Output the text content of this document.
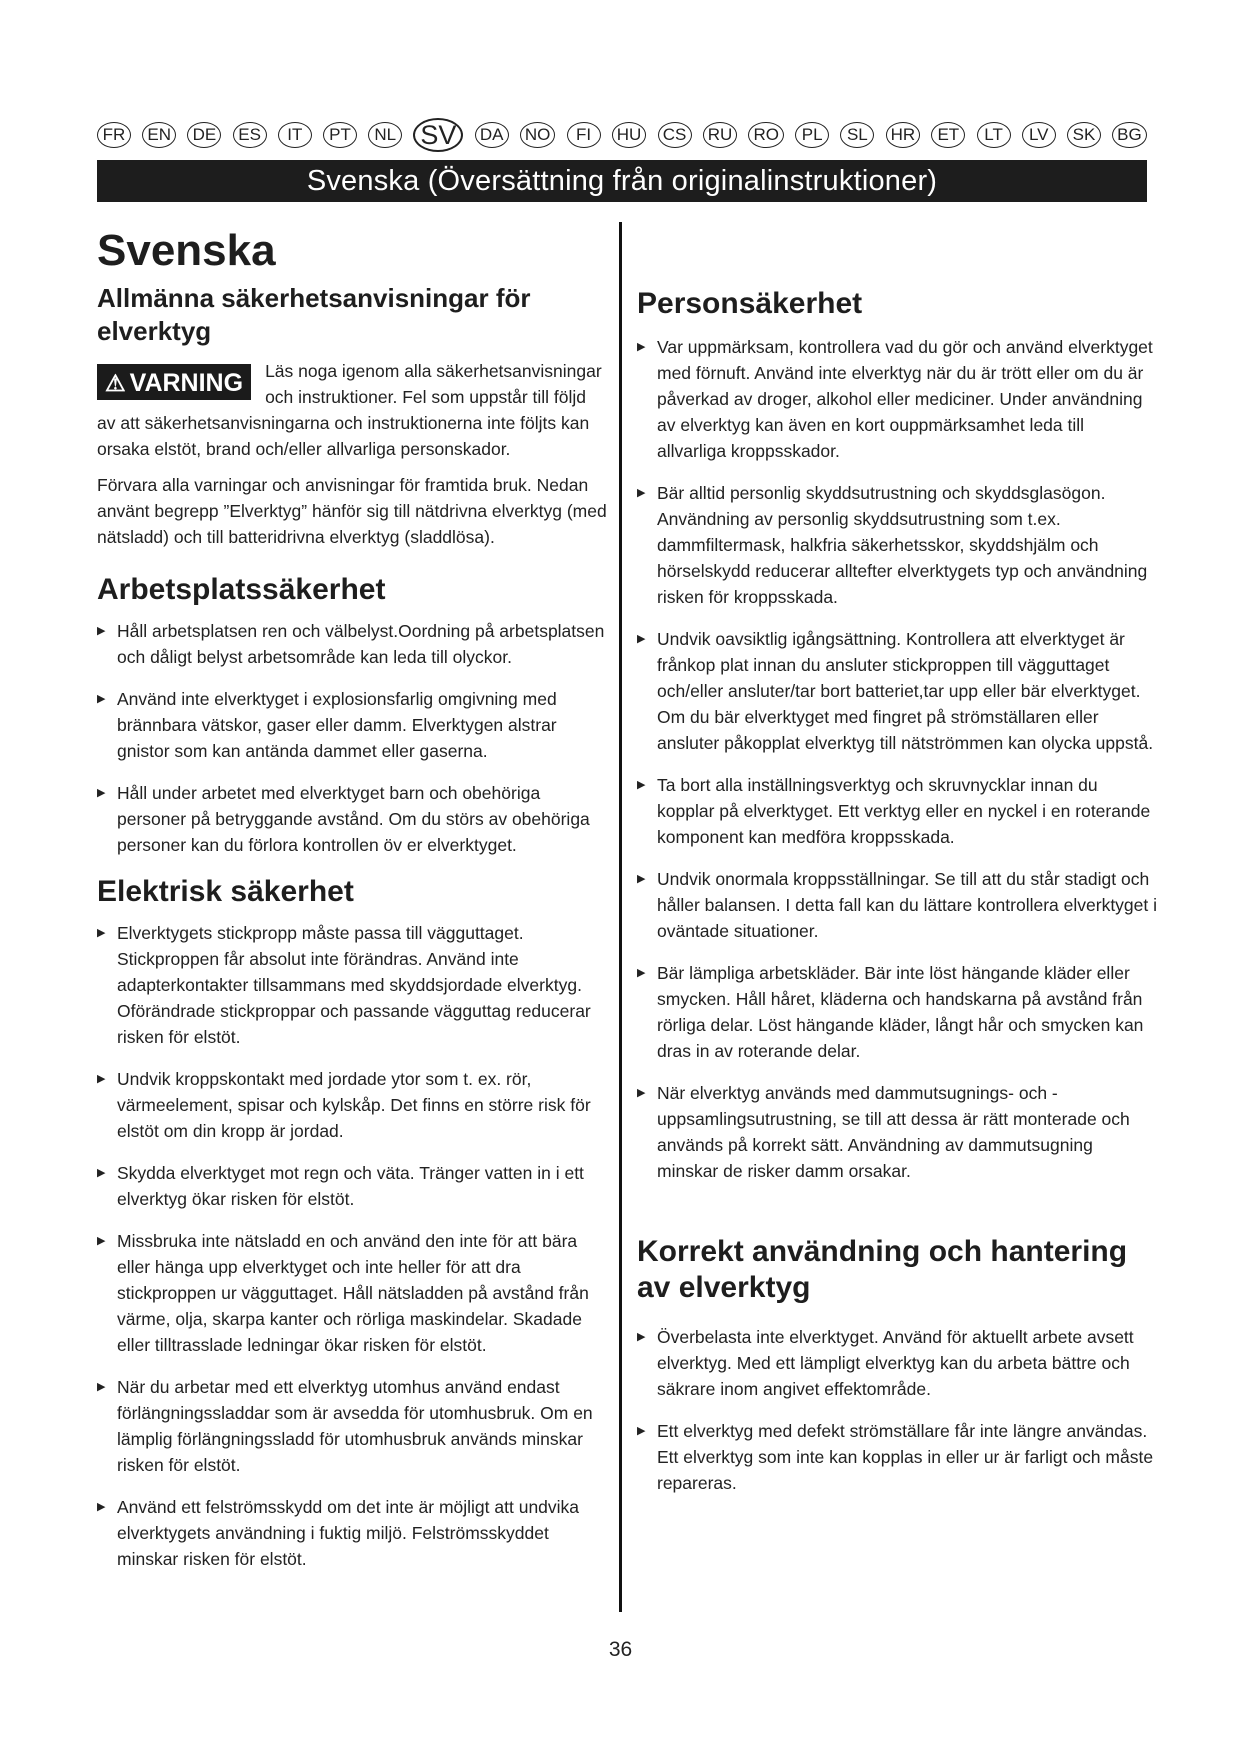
FR	EN	DE	ES	IT	PT	NL SV	DA	NO	FI	HU	CS	RU RO	PL	SL	HR	ET	LT	LV	SK	BG
Svenska (Översättning från originalinstruktioner)
Svenska
Allmänna säkerhetsanvisningar för elverktyg
⚠ VARNING	Läs noga igenom alla säkerhetsanvisningar och instruktioner. Fel som uppstår till följd av att säkerhetsanvisningarna och instruktionerna inte följts kan orsaka elstöt, brand och/eller allvarliga personskador.

Förvara alla varningar och anvisningar för framtida bruk. Nedan använt begrepp ”Elverktyg” hänför sig till nätdrivna elverktyg (med nätsladd) och till batteridrivna elverktyg (sladdlösa).

Arbetsplatssäkerhet
▶ Håll arbetsplatsen ren och välbelyst.Oordning på arbetsplatsen och dåligt belyst arbetsområde kan leda till olyckor.
▶ Använd inte elverktyget i explosionsfarlig omgivning med brännbara vätskor, gaser eller damm. Elverktygen alstrar gnistor som kan antända dammet eller gaserna.
▶ Håll under arbetet med elverktyget barn och obehöriga personer på betryggande avstånd. Om du störs av obehöriga personer kan du förlora kontrollen öv er elverktyget.
Elektrisk säkerhet
▶ Elverktygets stickpropp måste passa till vägguttaget. Stickproppen får absolut inte förändras. Använd inte adapterkontakter tillsammans med skyddsjordade elverktyg. Oförändrade stickproppar och passande vägguttag reducerar risken för elstöt.
▶ Undvik kroppskontakt med jordade ytor som t. ex. rör, värmeelement, spisar och kylskåp. Det finns en större risk för elstöt om din kropp är jordad.
▶ Skydda elverktyget mot regn och väta. Tränger vatten in i ett elverktyg ökar risken för elstöt.
▶ Missbruka inte nätsladd en och använd den inte för att bära eller hänga upp elverktyget och inte heller för att dra stickproppen ur vägguttaget. Håll nätsladden på avstånd från värme, olja, skarpa kanter och rörliga maskindelar. Skadade eller tilltrasslade ledningar ökar risken för elstöt.
▶ När du arbetar med ett elverktyg utomhus använd endast förlängningssladdar som är avsedda för utomhusbruk. Om en lämplig förlängningssladd för utomhusbruk används minskar risken för elstöt.
▶ Använd ett felströmsskydd om det inte är möjligt att undvika elverktygets användning i fuktig miljö. Felströmsskyddet minskar risken för elstöt.
Personsäkerhet
▶ Var uppmärksam, kontrollera vad du gör och använd elverktyget med förnuft. Använd inte elverktyg när du är trött eller om du är påverkad av droger, alkohol eller mediciner. Under användning av elverktyg kan även en kort ouppmärksamhet leda till allvarliga kroppsskador.
▶ Bär alltid personlig skyddsutrustning och skyddsglasögon. Användning av personlig skyddsutrustning som t.ex. dammfiltermask, halkfria säkerhetsskor, skyddshjälm och hörselskydd reducerar alltefter elverktygets typ och användning risken för kroppsskada.
▶ Undvik oavsiktlig igångsättning. Kontrollera att elverktyget är frånkop plat innan du ansluter stickproppen till vägguttaget och/eller ansluter/tar bort batteriet,tar upp eller bär elverktyget. Om du bär elverktyget med fingret på strömställaren eller ansluter påkopplat elverktyg till nätströmmen kan olycka uppstå.
▶ Ta bort alla inställningsverktyg och skruvnycklar innan du kopplar på elverktyget. Ett verktyg eller en nyckel i en roterande komponent kan medföra kroppsskada.
▶ Undvik onormala kroppsställningar. Se till att du står stadigt och håller balansen. I detta fall kan du lättare kontrollera elverktyget i oväntade situationer.
▶ Bär lämpliga arbetskläder. Bär inte löst hängande kläder eller smycken. Håll håret, kläderna och handskarna på avstånd från rörliga delar. Löst hängande kläder, långt hår och smycken kan dras in av roterande delar.
▶ När elverktyg används med dammutsugnings- och -uppsamlingsutrustning, se till att dessa är rätt monterade och används på korrekt sätt. Användning av dammutsugning minskar de risker damm orsakar.
Korrekt användning och hantering av elverktyg
▶ Överbelasta inte elverktyget. Använd för aktuellt arbete avsett elverktyg. Med ett lämpligt elverktyg kan du arbeta bättre och säkrare inom angivet effektområde.
▶ Ett elverktyg med defekt strömställare får inte längre användas. Ett elverktyg som inte kan kopplas in eller ur är farligt och måste repareras.
36
